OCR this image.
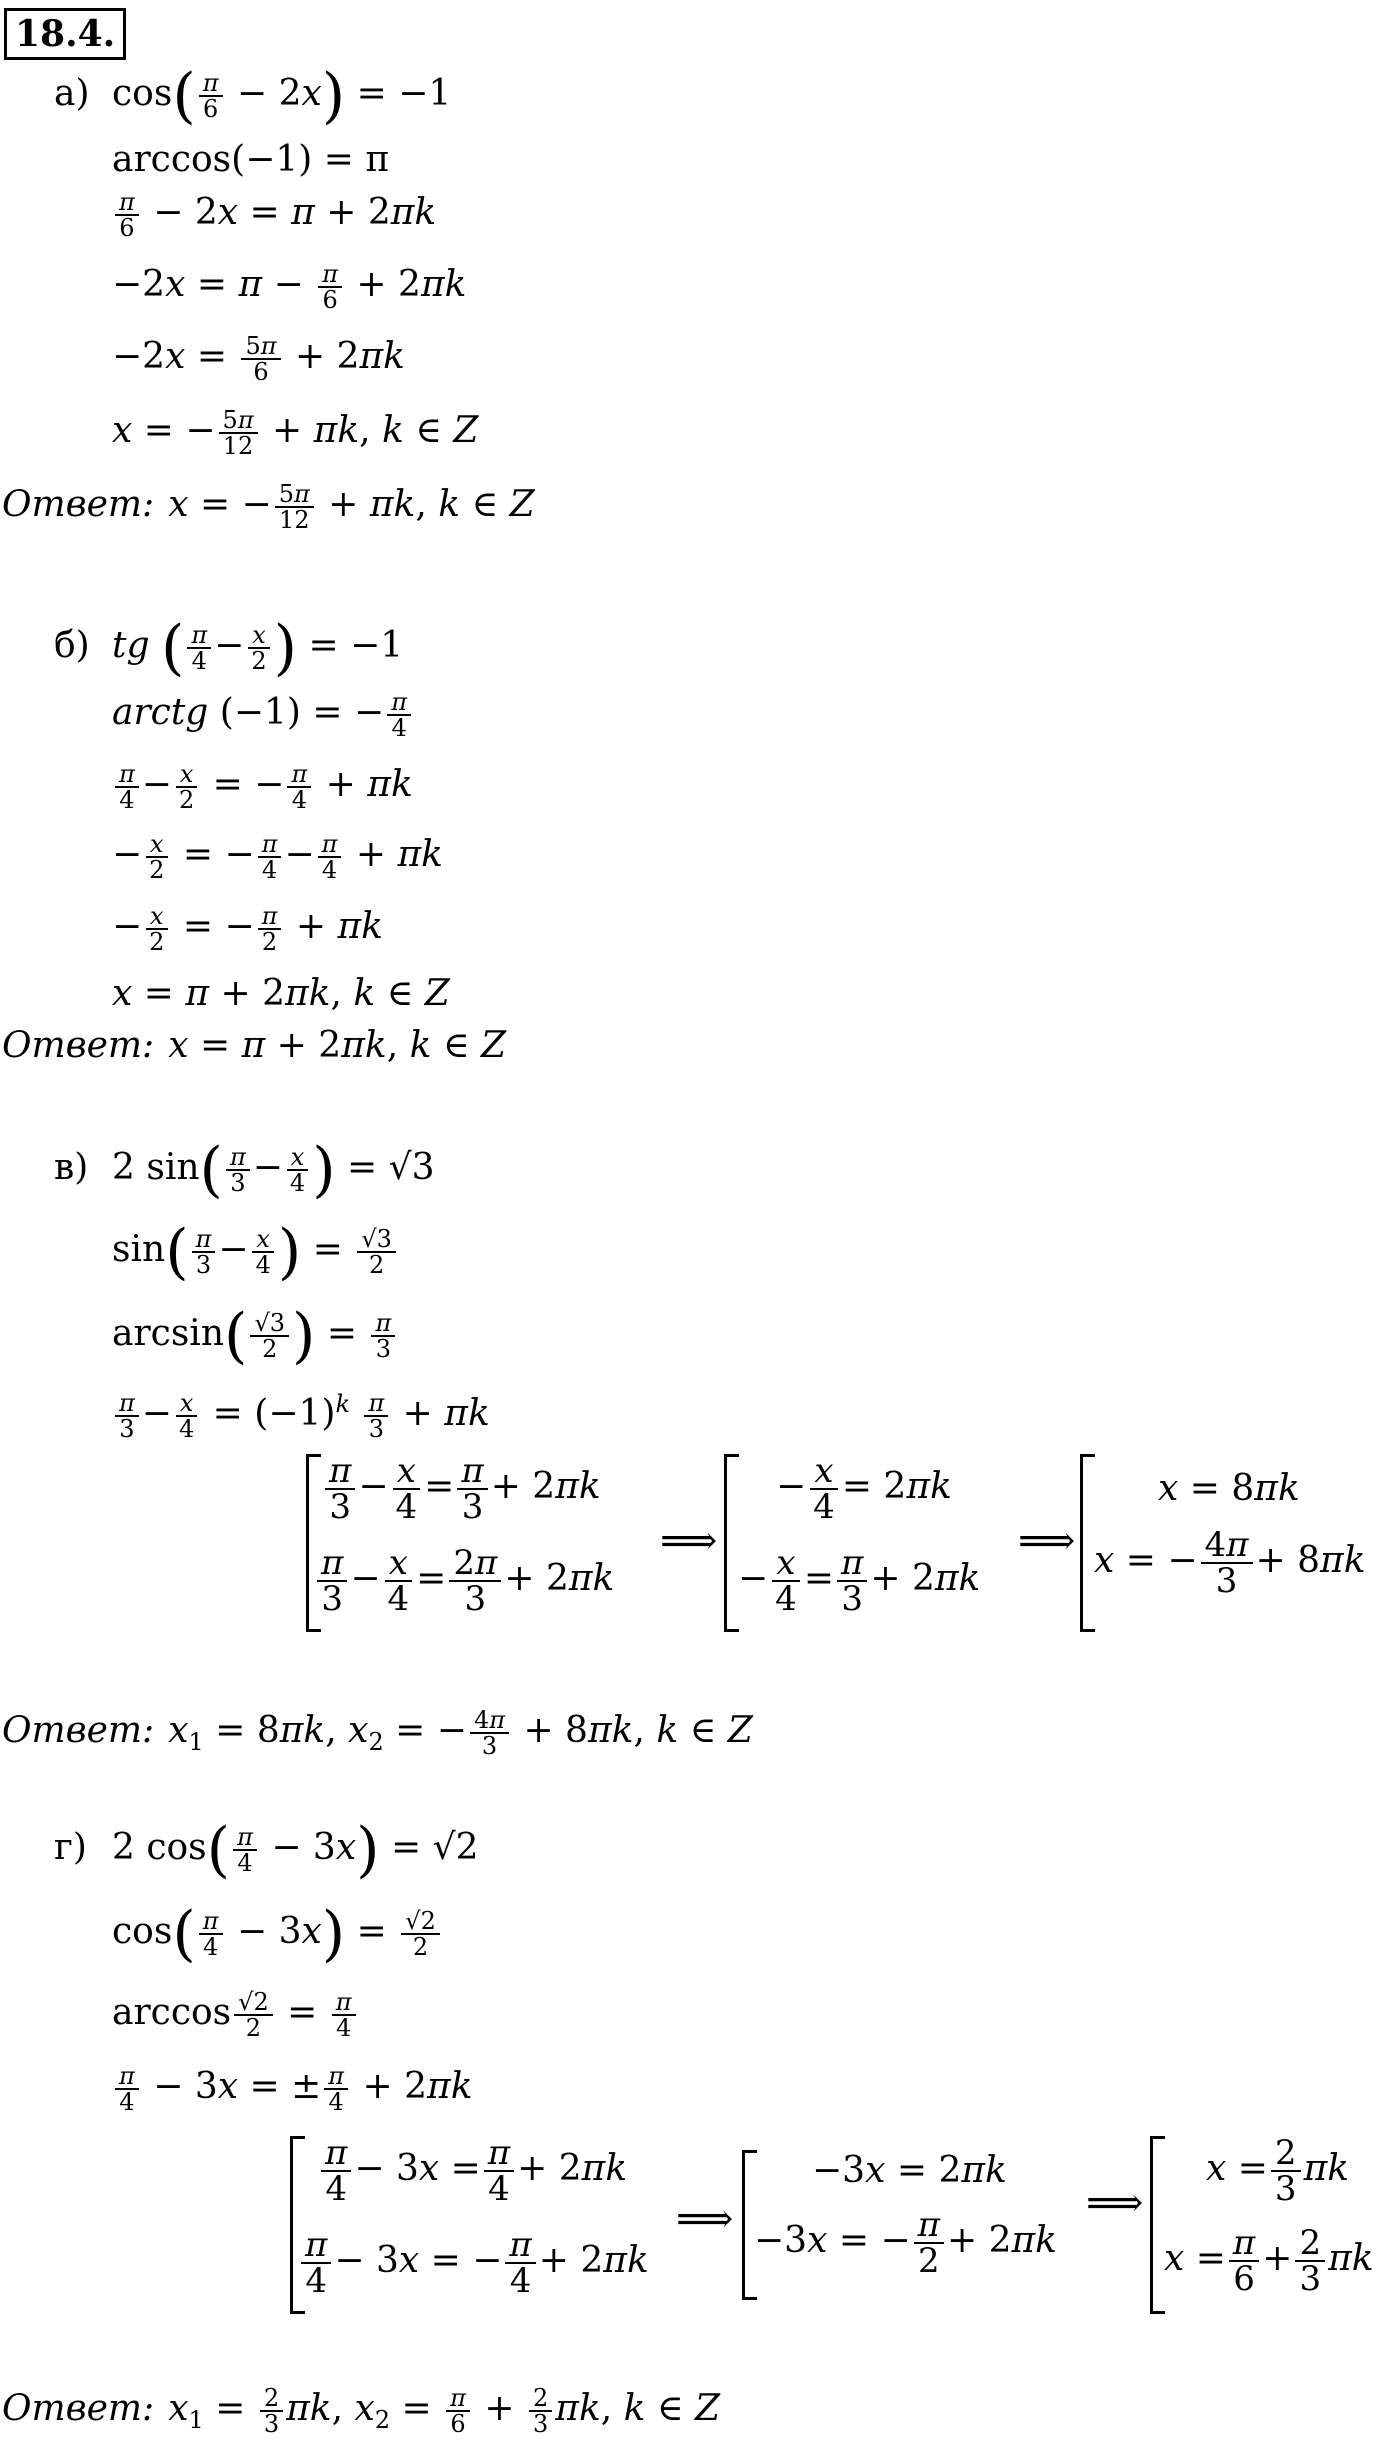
18.4.
а) $\cos( \frac{\pi}{6} - 2x) = -1$
arccos(−1) = π
$\frac{\pi}{6} - 2x = \pi + 2\pi k$
$-2x = \pi - \frac{\pi}{6} + 2\pi k$
$-2x = \frac{5\pi}{6} + 2\pi k$
x = − $\frac{5\pi}{12} + \pi k$, k ∈ Z
Ответ: x = − $\frac{5\pi}{12} + \pi k$, k ∈ Z
б) tg ( $\frac{\pi}{4} - \frac{x}{2}$ ) = −1
arctg (−1) = − $\frac{\pi}{4}$
$\frac{\pi}{4} - \frac{x}{2}$ = − $\frac{\pi}{4} + \pi k$
− $\frac{x}{2}$ = − $\frac{\pi}{4} - \frac{\pi}{4} + \pi k$
− $\frac{x}{2}$ = − $\frac{\pi}{2} + \pi k$
x = π + 2πk, k ∈ Z
Ответ: x = π + 2πk, k ∈ Z
в) 2 $\sin( \frac{\pi}{3} - \frac{x}{4}$ ) = √3
$\sin( \frac{\pi}{3} - \frac{x}{4}$ ) = $\frac{√3}{2}$
$\arcsin( \frac{√3}{2}$ ) = $\frac{\pi}{3}$
$\frac{\pi}{3} - \frac{x}{4} = (-1)^k \frac{\pi}{3} + \pi k$
$\frac{\pi}{3} - \frac{x}{4} = \frac{\pi}{3} + 2\pi k$
$\frac{\pi}{3} - \frac{x}{4} = \frac{2\pi}{3} + 2\pi k$
⟹
− $\frac{x}{4} = 2\pi k$
− $\frac{x}{4} = \frac{\pi}{3} + 2\pi k$
⟹
x = 8πk
x = − $\frac{4\pi}{3} + 8\pi k$
Ответ: $x_1 = 8\pi k$, $x_2$ = − $\frac{4\pi}{3} + 8\pi k$, k ∈ Z
г) 2 $\cos( \frac{\pi}{4} - 3x) = √2$
$\cos( \frac{\pi}{4} - 3x) = \frac{√2}{2}$
$\arccos \frac{√2}{2} = \frac{\pi}{4}$
$\frac{\pi}{4} - 3x$ = ± $\frac{\pi}{4} + 2\pi k$
$\frac{\pi}{4} - 3x = \frac{\pi}{4} + 2\pi k$
$\frac{\pi}{4} - 3x$ = − $\frac{\pi}{4} + 2\pi k$
⟹
−3x = 2πk
−3x = − $\frac{\pi}{2} + 2\pi k$
⟹
$x = \frac{2}{3}$ πk
$x = \frac{\pi}{6} + \frac{2}{3}$ πk
Ответ: $x_1 = \frac{2}{3} \pi k$, $x_2 = \frac{\pi}{6} + \frac{2}{3} \pi k$, k ∈ Z
